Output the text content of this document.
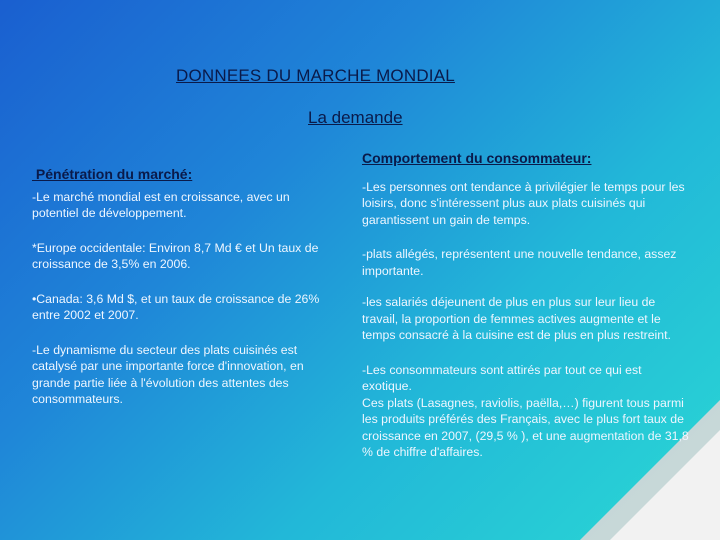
DONNEES DU MARCHE MONDIAL
La demande

Pénétration du marché:

-Le marché mondial est en croissance, avec un potentiel de développement.

*Europe occidentale: Environ 8,7 Md € et Un taux de croissance de 3,5% en 2006.

•Canada: 3,6 Md $, et un taux de croissance de 26% entre 2002 et 2007.

-Le dynamisme du secteur des plats cuisinés est catalysé par une importante force d'innovation, en grande partie liée à l'évolution des attentes des consommateurs.

Comportement du consommateur:

-Les personnes ont tendance à privilégier le temps pour les loisirs, donc s'intéressent plus aux plats cuisinés qui garantissent un gain de temps.

-plats allégés, représentent une nouvelle tendance, assez importante.

-les salariés déjeunent de plus en plus sur leur lieu de travail, la proportion de femmes actives augmente et le temps consacré à la cuisine est de plus en plus restreint.

-Les consommateurs sont attirés par tout ce qui est exotique.

Ces plats (Lasagnes, raviolis, paëlla,…) figurent tous parmi les produits préférés des Français, avec le plus fort taux de croissance en 2007, (29,5 % ), et une augmentation de 31,8 % de chiffre d'affaires.
